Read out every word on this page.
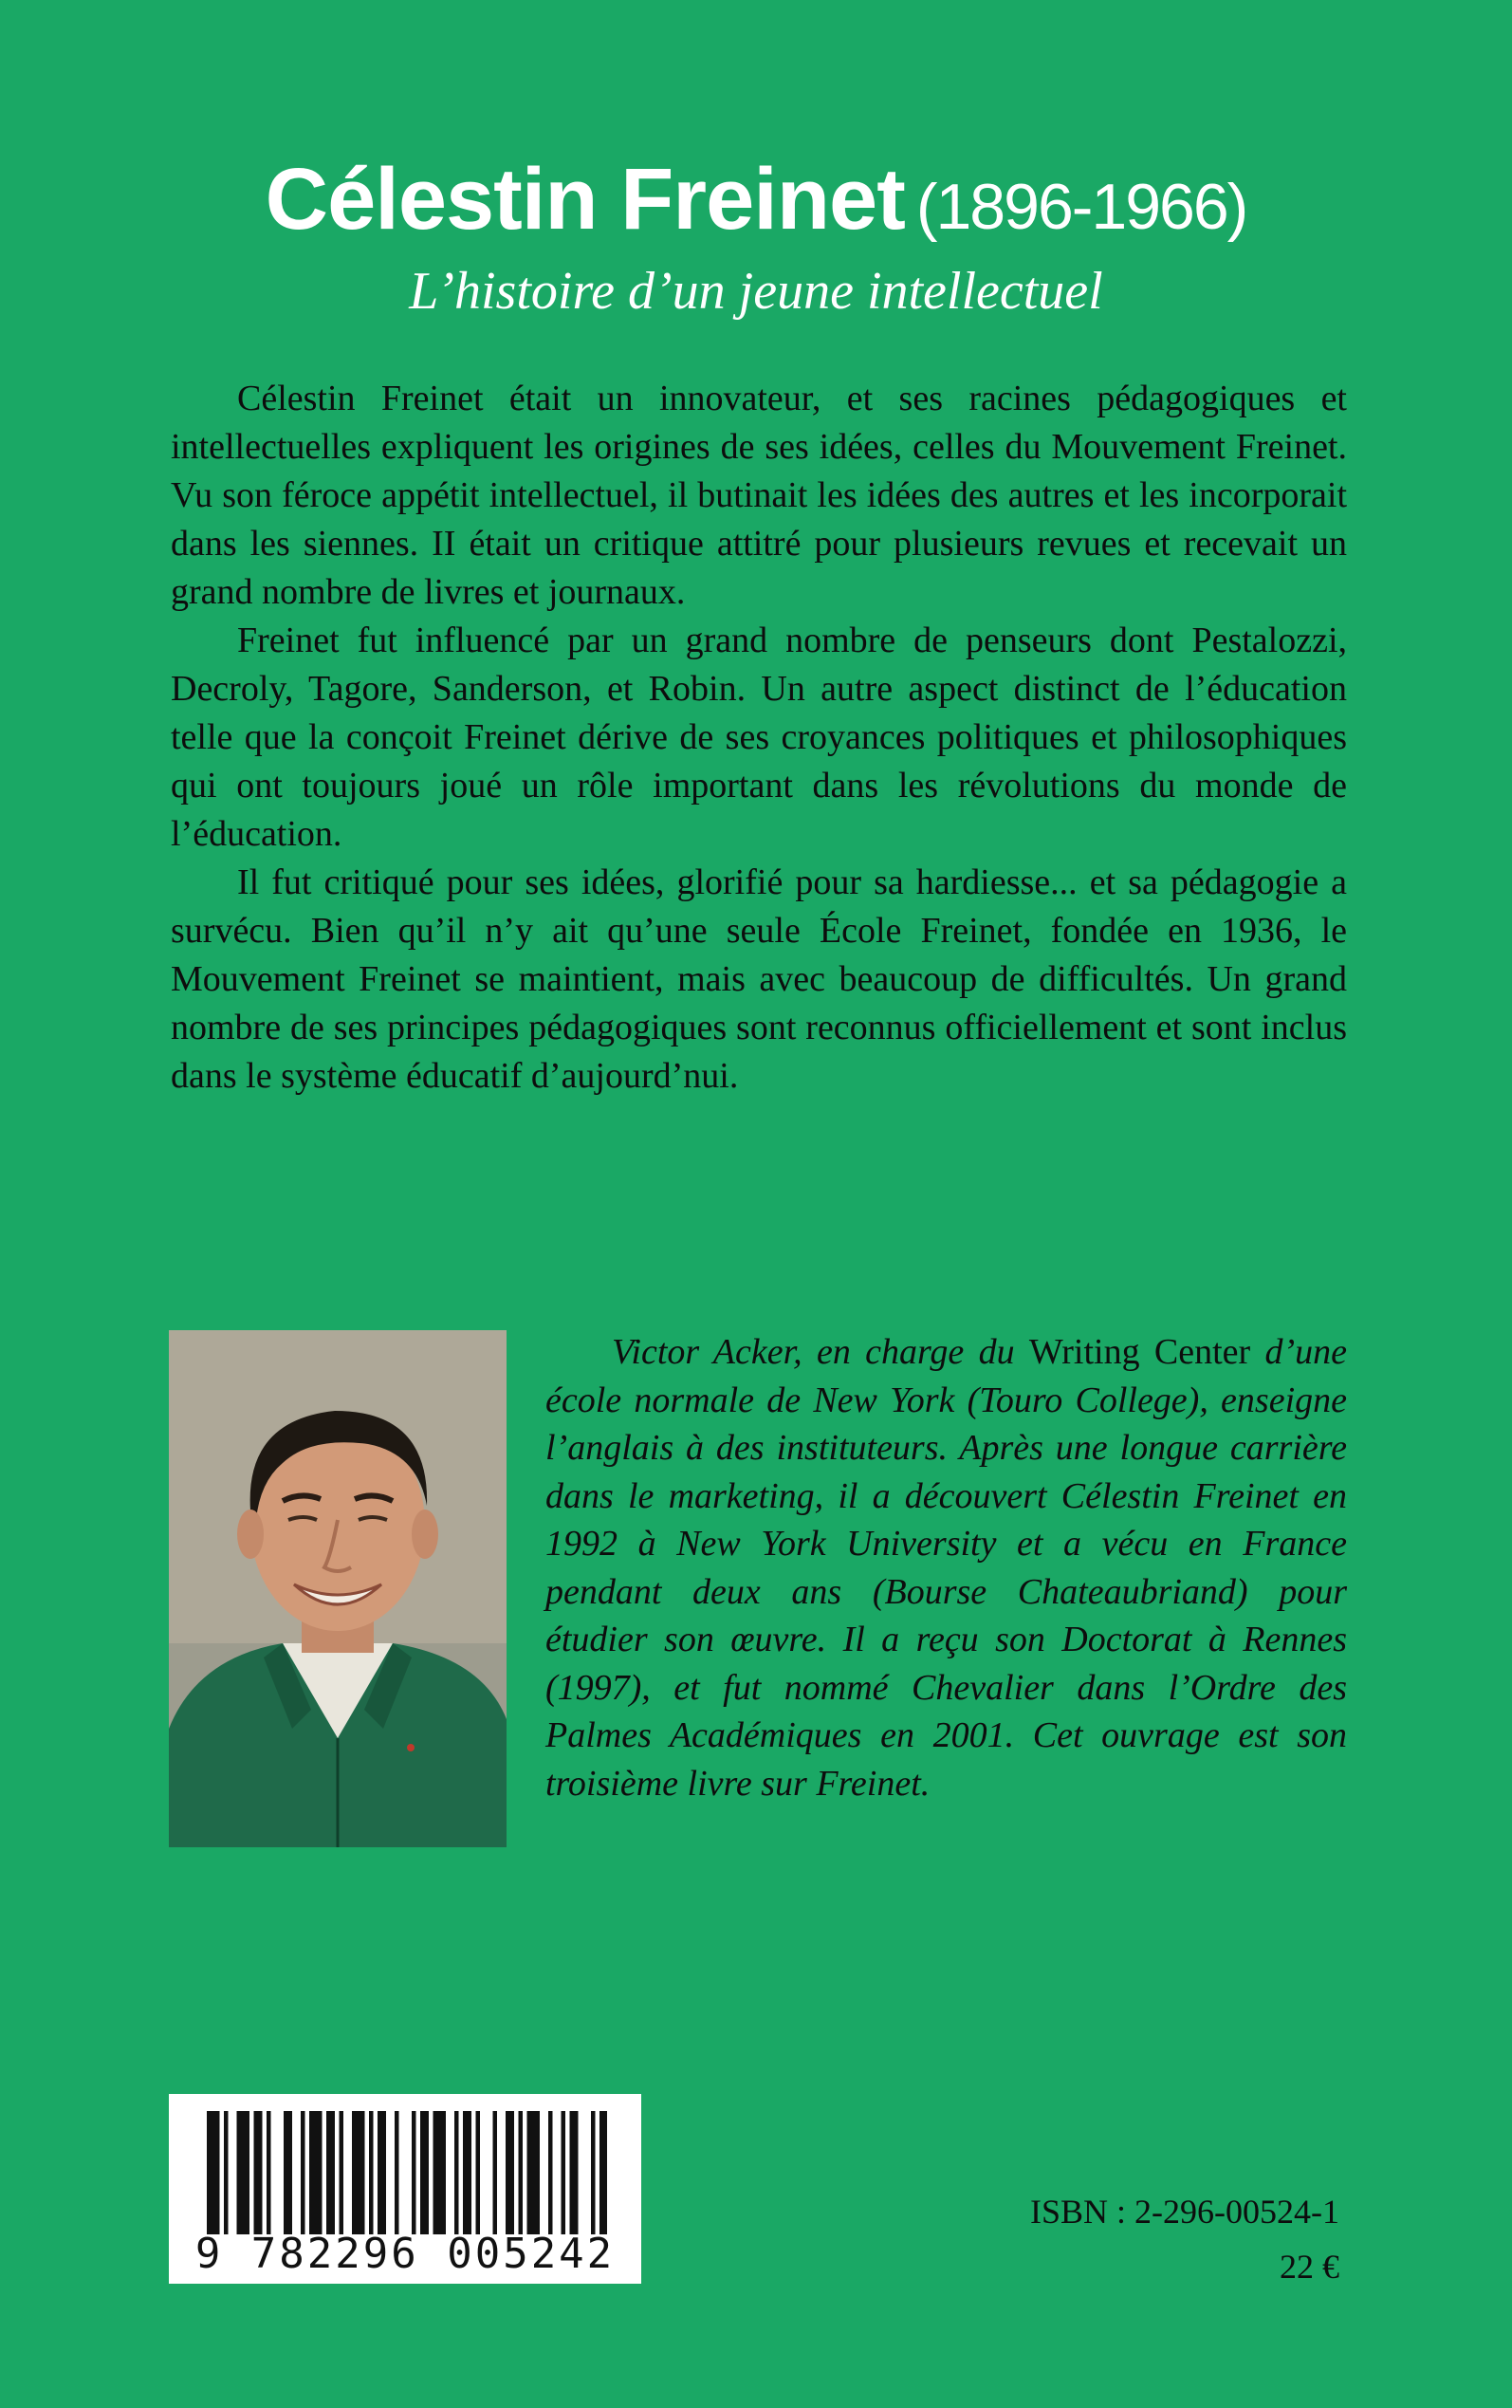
Célestin Freinet (1896-1966)
L’histoire d’un jeune intellectuel

Célestin Freinet était un innovateur, et ses racines pédagogiques et intellectuelles expliquent les origines de ses idées, celles du Mouvement Freinet. Vu son féroce appétit intellectuel, il butinait les idées des autres et les incorporait dans les siennes. II était un critique attitré pour plusieurs revues et recevait un grand nombre de livres et journaux.

Freinet fut influencé par un grand nombre de penseurs dont Pestalozzi, Decroly, Tagore, Sanderson, et Robin. Un autre aspect distinct de l’éducation telle que la conçoit Freinet dérive de ses croyances politiques et philosophiques qui ont toujours joué un rôle important dans les révolutions du monde de l’éducation.

Il fut critiqué pour ses idées, glorifié pour sa hardiesse... et sa pédagogie a survécu. Bien qu’il n’y ait qu’une seule École Freinet, fondée en 1936, le Mouvement Freinet se maintient, mais avec beaucoup de difficultés. Un grand nombre de ses principes pédagogiques sont reconnus officiellement et sont inclus dans le système éducatif d’aujourd’nui.

Victor Acker, en charge du Writing Center d’une école normale de New York (Touro College), enseigne l’anglais à des instituteurs. Après une longue carrière dans le marketing, il a découvert Célestin Freinet en 1992 à New York University et a vécu en France pendant deux ans (Bourse Chateaubriand) pour étudier son œuvre. Il a reçu son Doctorat à Rennes (1997), et fut nommé Chevalier dans l’Ordre des Palmes Académiques en 2001. Cet ouvrage est son troisième livre sur Freinet.

9 782296 005242
ISBN : 2-296-00524-1
22 €
